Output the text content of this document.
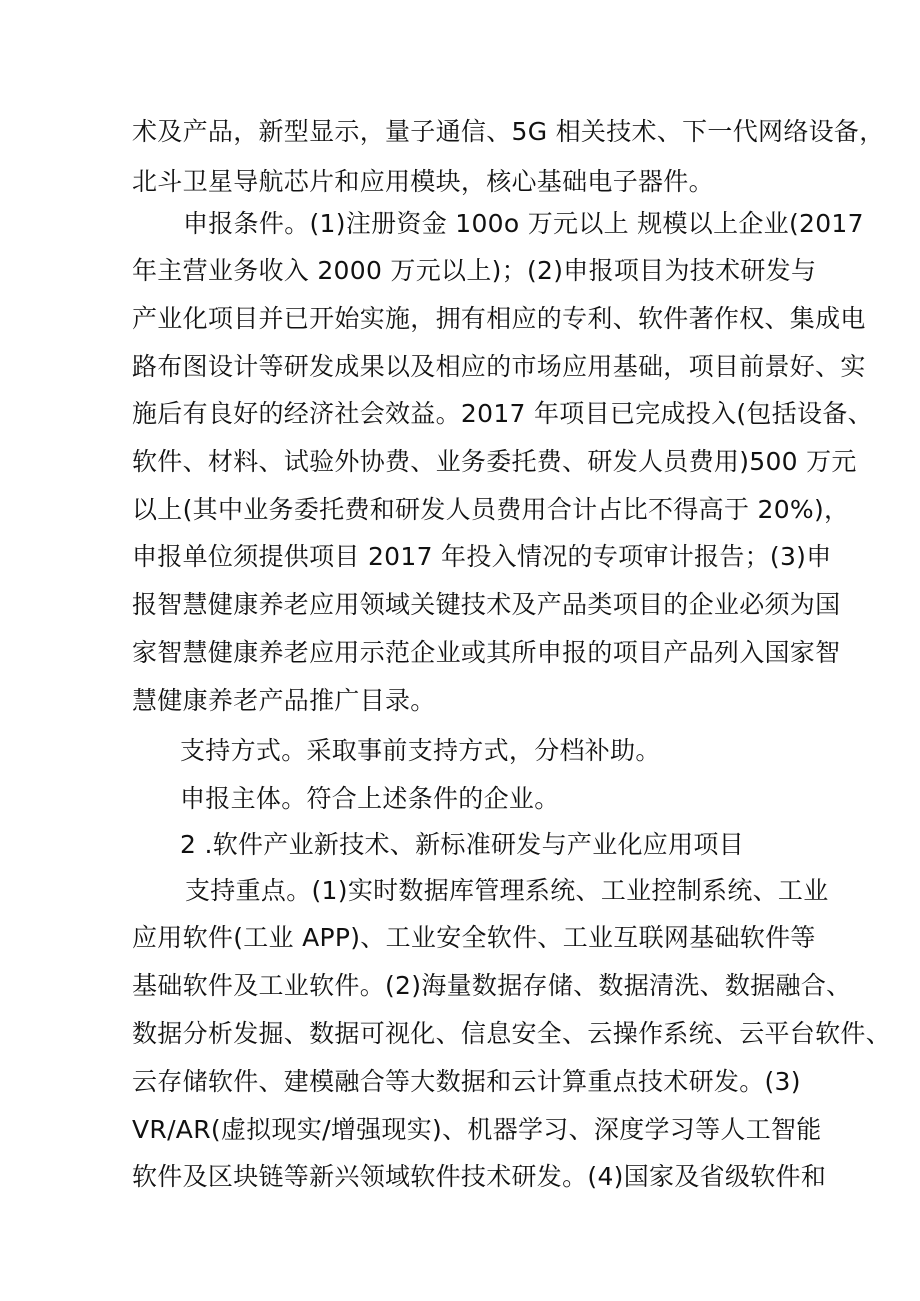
术及产品，新型显示，量子通信、5G 相关技术、下一代网络设备，
北斗卫星导航芯片和应用模块，核心基础电子器件。
申报条件。(1)注册资金 100o 万元以上 规模以上企业(2017
年主营业务收入 2000 万元以上)；(2)申报项目为技术研发与
产业化项目并已开始实施，拥有相应的专利、软件著作权、集成电
路布图设计等研发成果以及相应的市场应用基础，项目前景好、实
施后有良好的经济社会效益。2017 年项目已完成投入(包括设备、
软件、材料、试验外协费、业务委托费、研发人员费用)500 万元
以上(其中业务委托费和研发人员费用合计占比不得高于 20%)，
申报单位须提供项目 2017 年投入情况的专项审计报告；(3)申
报智慧健康养老应用领域关键技术及产品类项目的企业必须为国
家智慧健康养老应用示范企业或其所申报的项目产品列入国家智
慧健康养老产品推广目录。
支持方式。采取事前支持方式，分档补助。
申报主体。符合上述条件的企业。
2 .软件产业新技术、新标准研发与产业化应用项目
支持重点。(1)实时数据库管理系统、工业控制系统、工业
应用软件(工业 APP)、工业安全软件、工业互联网基础软件等
基础软件及工业软件。(2)海量数据存储、数据清洗、数据融合、
数据分析发掘、数据可视化、信息安全、云操作系统、云平台软件、
云存储软件、建模融合等大数据和云计算重点技术研发。(3)
VR/AR(虚拟现实/增强现实)、机器学习、深度学习等人工智能
软件及区块链等新兴领域软件技术研发。(4)国家及省级软件和
